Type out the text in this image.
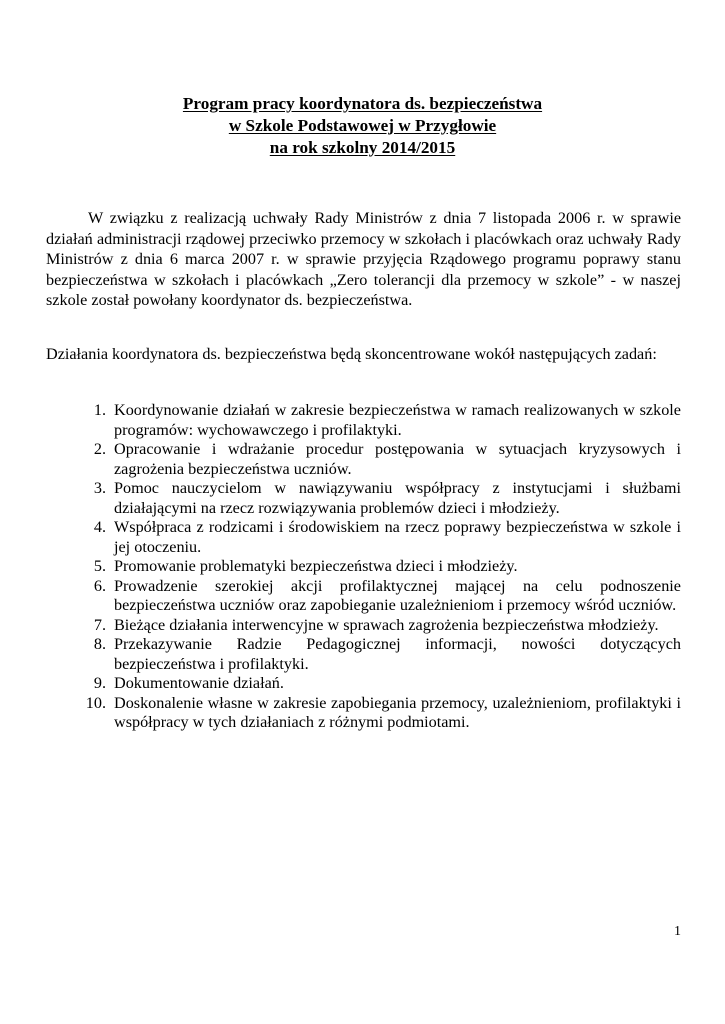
Program pracy koordynatora ds. bezpieczeństwa
w Szkole Podstawowej w Przygłowie
na rok szkolny 2014/2015
W związku z realizacją uchwały Rady Ministrów z dnia 7 listopada 2006 r. w sprawie działań administracji rządowej przeciwko przemocy w szkołach i placówkach oraz uchwały Rady Ministrów z dnia 6 marca 2007 r. w sprawie przyjęcia Rządowego programu poprawy stanu bezpieczeństwa w szkołach i placówkach „Zero tolerancji dla przemocy w szkole” - w naszej szkole został powołany koordynator ds. bezpieczeństwa.
Działania koordynatora ds. bezpieczeństwa będą skoncentrowane wokół następujących zadań:
1. Koordynowanie działań w zakresie bezpieczeństwa w ramach realizowanych w szkole programów: wychowawczego i profilaktyki.
2. Opracowanie i wdrażanie procedur postępowania w sytuacjach kryzysowych i zagrożenia bezpieczeństwa uczniów.
3. Pomoc nauczycielom w nawiązywaniu współpracy z instytucjami i służbami działającymi na rzecz rozwiązywania problemów dzieci i młodzieży.
4. Współpraca z rodzicami i środowiskiem na rzecz poprawy bezpieczeństwa w szkole i jej otoczeniu.
5. Promowanie problematyki bezpieczeństwa dzieci i młodzieży.
6. Prowadzenie szerokiej akcji profilaktycznej mającej na celu podnoszenie bezpieczeństwa uczniów oraz zapobieganie uzależnieniom i przemocy wśród uczniów.
7. Bieżące działania interwencyjne w sprawach zagrożenia bezpieczeństwa młodzieży.
8. Przekazywanie Radzie Pedagogicznej informacji, nowości dotyczących bezpieczeństwa i profilaktyki.
9. Dokumentowanie działań.
10. Doskonalenie własne w zakresie zapobiegania przemocy, uzależnieniom, profilaktyki i współpracy w tych działaniach z różnymi podmiotami.
1
